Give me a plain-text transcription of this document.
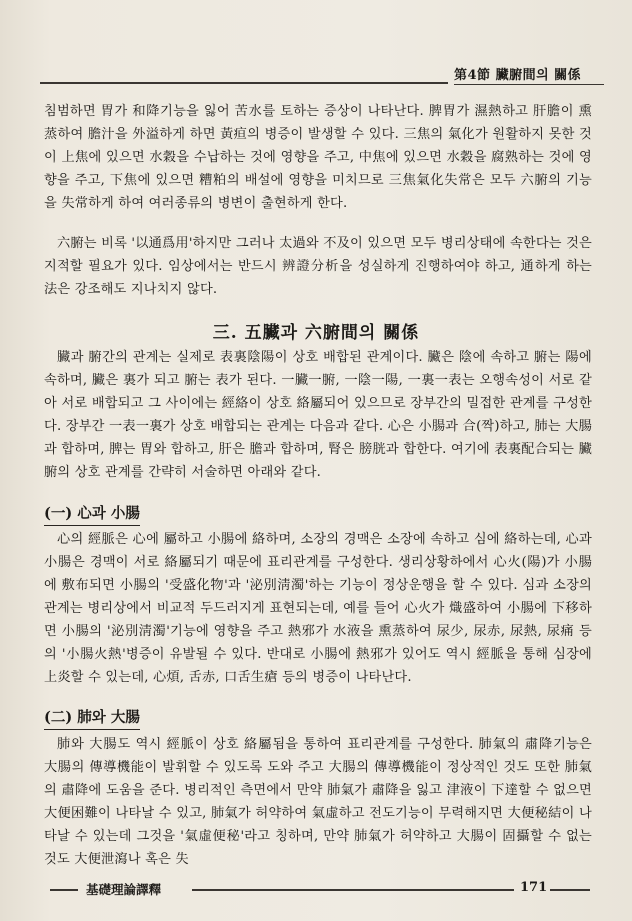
第4節 臟腑間의 關係
침범하면 胃가 和降기능을 잃어 苦水를 토하는 증상이 나타난다. 脾胃가 濕熱하고 肝膽이 熏蒸하여 膽汁을 外溢하게 하면 黃疸의 병증이 발생할 수 있다. 三焦의 氣化가 원활하지 못한 것이 上焦에 있으면 水穀을 수납하는 것에 영향을 주고, 中焦에 있으면 水穀을 腐熟하는 것에 영향을 주고, 下焦에 있으면 糟粕의 배설에 영향을 미치므로 三焦氣化失常은 모두 六腑의 기능을 失常하게 하여 여러종류의 병변이 출현하게 한다.
六腑는 비록 '以通爲用'하지만 그러나 太過와 不及이 있으면 모두 병리상태에 속한다는 것은 지적할 필요가 있다. 임상에서는 반드시 辨證分析을 성실하게 진행하여야 하고, 通하게 하는 法은 강조해도 지나치지 않다.
三. 五臟과 六腑間의 關係
臟과 腑간의 관계는 실제로 表裏陰陽이 상호 배합된 관계이다. 臟은 陰에 속하고 腑는 陽에 속하며, 臟은 裏가 되고 腑는 表가 된다. 一臟一腑, 一陰一陽, 一裏一表는 오행속성이 서로 같아 서로 배합되고 그 사이에는 經絡이 상호 絡屬되어 있으므로 장부간의 밀접한 관계를 구성한다. 장부간 一表一裏가 상호 배합되는 관계는 다음과 같다. 心은 小腸과 合(짝)하고, 肺는 大腸과 합하며, 脾는 胃와 합하고, 肝은 膽과 합하며, 腎은 膀胱과 합한다. 여기에 表裏配合되는 臟腑의 상호 관계를 간략히 서술하면 아래와 같다.
(一) 心과 小腸
心의 經脈은 心에 屬하고 小腸에 絡하며, 소장의 경맥은 소장에 속하고 심에 絡하는데, 心과 小腸은 경맥이 서로 絡屬되기 때문에 표리관계를 구성한다. 생리상황하에서 心火(陽)가 小腸에 敷布되면 小腸의 '受盛化物'과 '泌別淸濁'하는 기능이 정상운행을 할 수 있다. 심과 소장의 관계는 병리상에서 비교적 두드러지게 표현되는데, 예를 들어 心火가 熾盛하여 小腸에 下移하면 小腸의 '泌別淸濁'기능에 영향을 주고 熱邪가 水液을 熏蒸하여 尿少, 尿赤, 尿熱, 尿痛 등의 '小腸火熱'병증이 유발될 수 있다. 반대로 小腸에 熱邪가 있어도 역시 經脈을 통해 심장에 上炎할 수 있는데, 心煩, 舌赤, 口舌生瘡 등의 병증이 나타난다.
(二) 肺와 大腸
肺와 大腸도 역시 經脈이 상호 絡屬됨을 통하여 표리관계를 구성한다. 肺氣의 肅降기능은 大腸의 傳導機能이 발휘할 수 있도록 도와 주고 大腸의 傳導機能이 정상적인 것도 또한 肺氣의 肅降에 도움을 준다. 병리적인 측면에서 만약 肺氣가 肅降을 잃고 津液이 下達할 수 없으면 大便困難이 나타날 수 있고, 肺氣가 허약하여 氣虛하고 전도기능이 무력해지면 大便秘結이 나타날 수 있는데 그것을 '氣虛便秘'라고 칭하며, 만약 肺氣가 허약하고 大腸이 固攝할 수 없는 것도 大便泄瀉나 혹은 失
基礎理論譯釋	171
